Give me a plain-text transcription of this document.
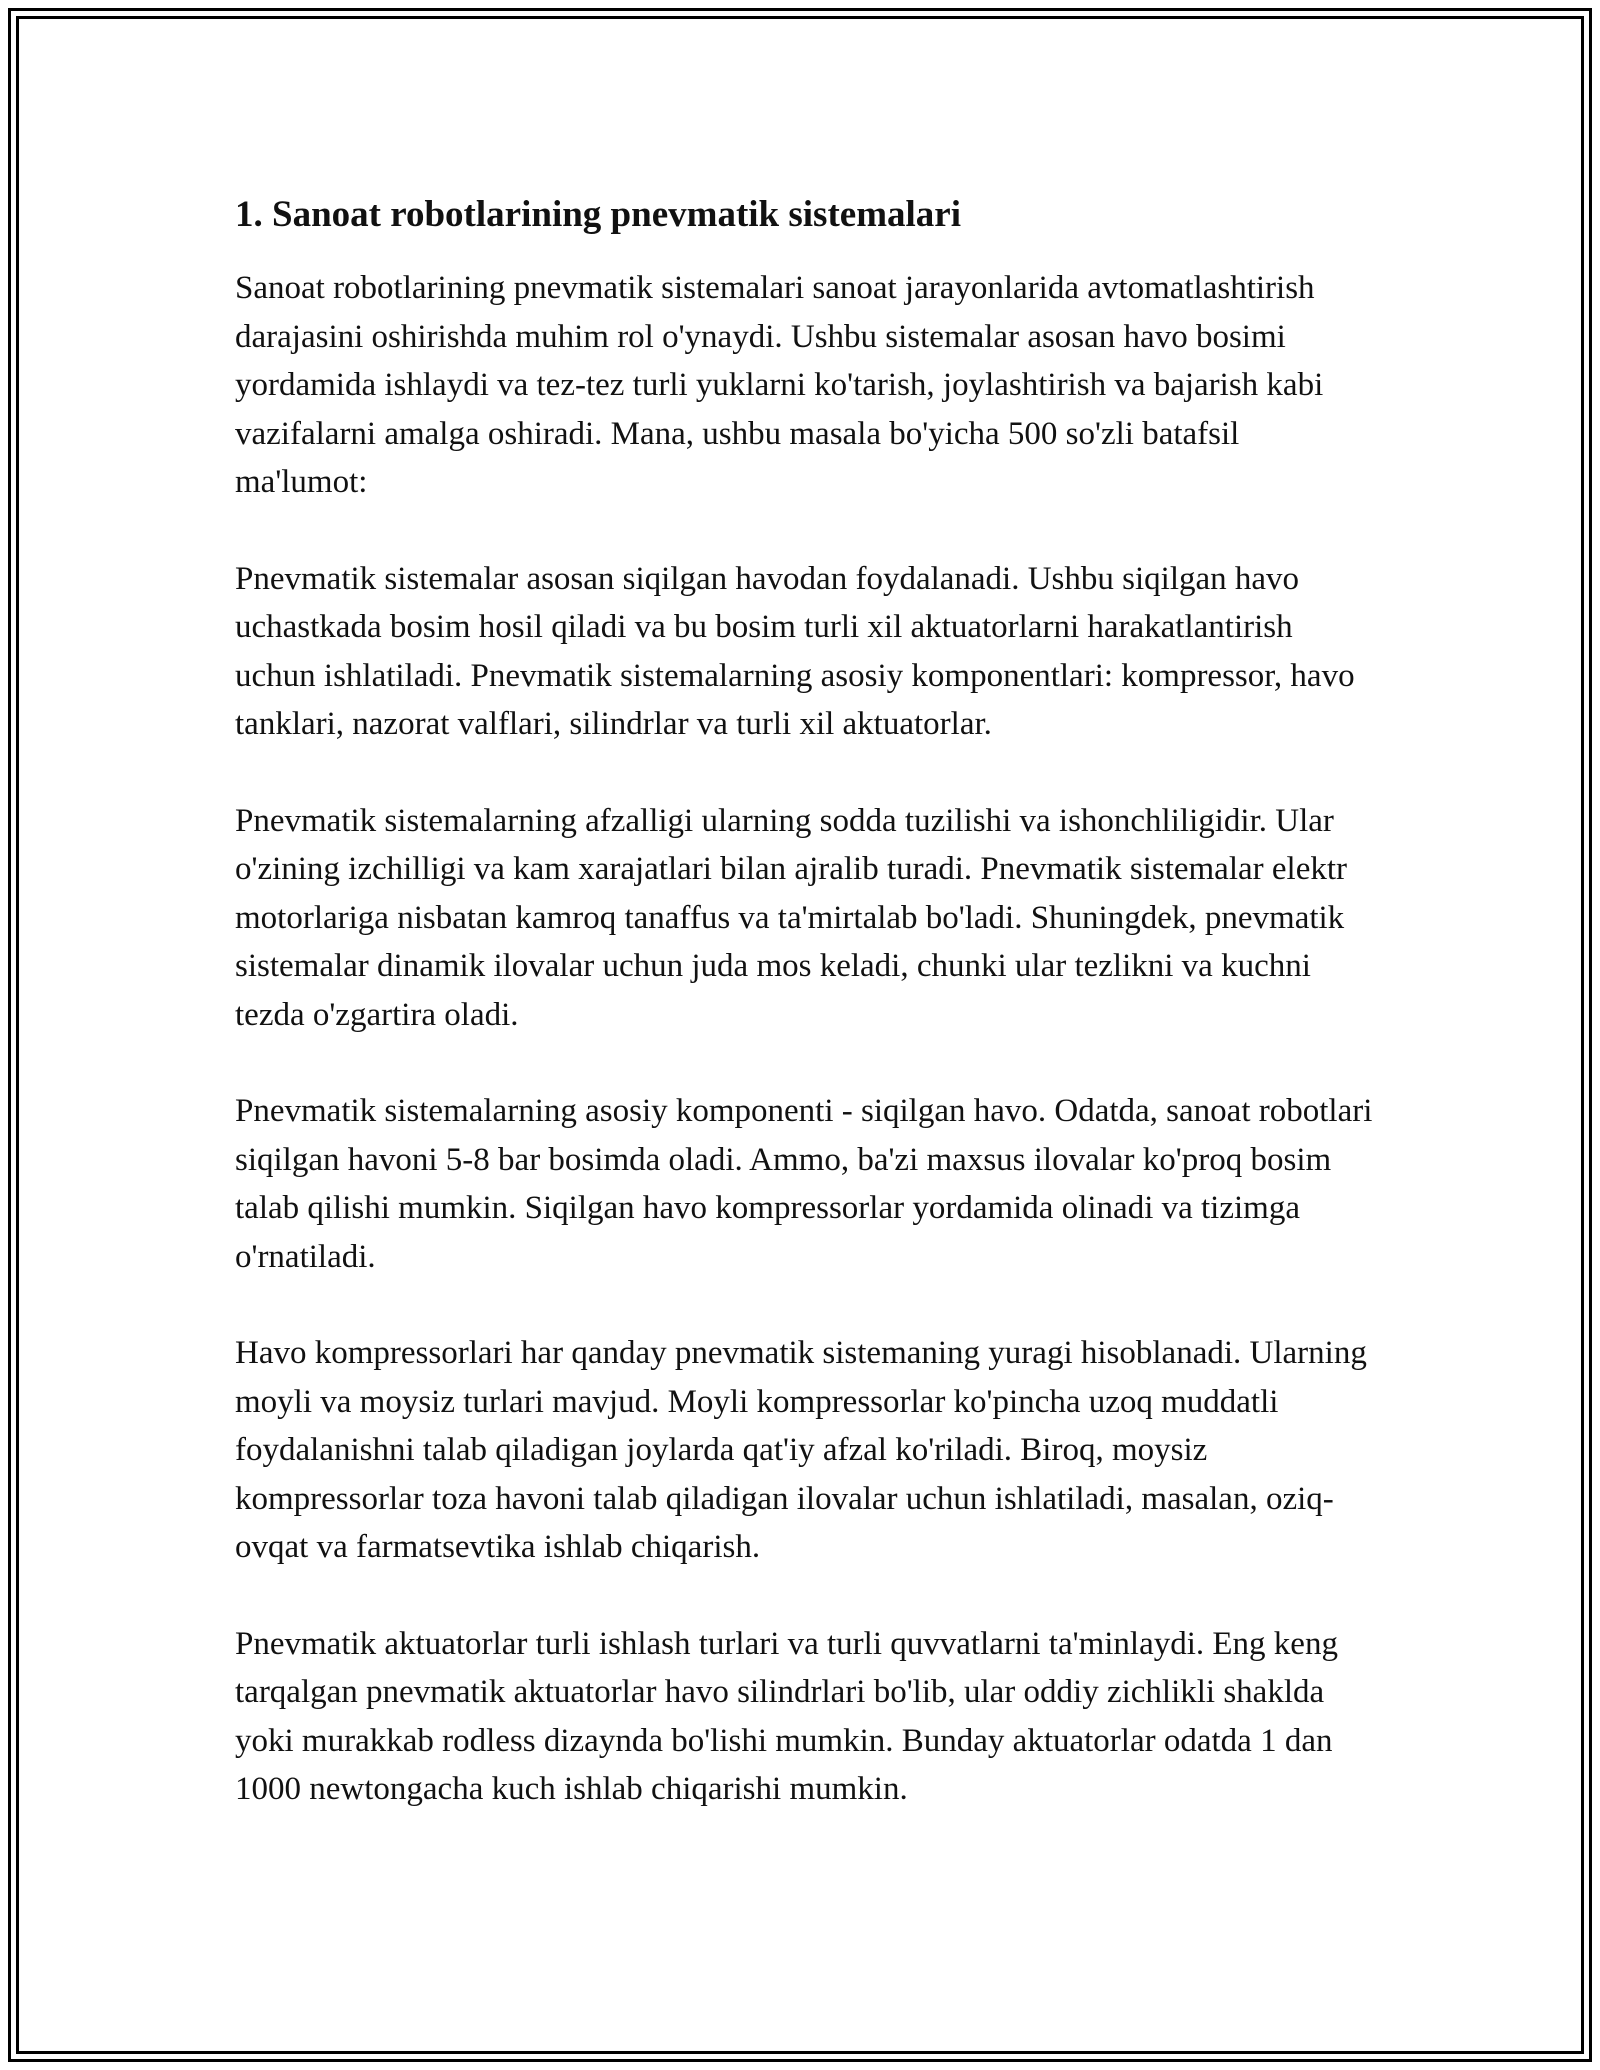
1. Sanoat robotlarining pnevmatik sistemalari

Sanoat robotlarining pnevmatik sistemalari sanoat jarayonlarida avtomatlashtirish darajasini oshirishda muhim rol o'ynaydi. Ushbu sistemalar asosan havo bosimi yordamida ishlaydi va tez-tez turli yuklarni ko'tarish, joylashtirish va bajarish kabi vazifalarni amalga oshiradi. Mana, ushbu masala bo'yicha 500 so'zli batafsil ma'lumot:

Pnevmatik sistemalar asosan siqilgan havodan foydalanadi. Ushbu siqilgan havo uchastkada bosim hosil qiladi va bu bosim turli xil aktuatorlarni harakatlantirish uchun ishlatiladi. Pnevmatik sistemalarning asosiy komponentlari: kompressor, havo tanklari, nazorat valflari, silindrlar va turli xil aktuatorlar.

Pnevmatik sistemalarning afzalligi ularning sodda tuzilishi va ishonchliligidir. Ular o'zining izchilligi va kam xarajatlari bilan ajralib turadi. Pnevmatik sistemalar elektr motorlariga nisbatan kamroq tanaffus va ta'mirtalab bo'ladi. Shuningdek, pnevmatik sistemalar dinamik ilovalar uchun juda mos keladi, chunki ular tezlikni va kuchni tezda o'zgartira oladi.

Pnevmatik sistemalarning asosiy komponenti - siqilgan havo. Odatda, sanoat robotlari siqilgan havoni 5-8 bar bosimda oladi. Ammo, ba'zi maxsus ilovalar ko'proq bosim talab qilishi mumkin. Siqilgan havo kompressorlar yordamida olinadi va tizimga o'rnatiladi.

Havo kompressorlari har qanday pnevmatik sistemaning yuragi hisoblanadi. Ularning moyli va moysiz turlari mavjud. Moyli kompressorlar ko'pincha uzoq muddatli foydalanishni talab qiladigan joylarda qat'iy afzal ko'riladi. Biroq, moysiz kompressorlar toza havoni talab qiladigan ilovalar uchun ishlatiladi, masalan, oziq-ovqat va farmatsevtika ishlab chiqarish.

Pnevmatik aktuatorlar turli ishlash turlari va turli quvvatlarni ta'minlaydi. Eng keng tarqalgan pnevmatik aktuatorlar havo silindrlari bo'lib, ular oddiy zichlikli shaklda yoki murakkab rodless dizaynda bo'lishi mumkin. Bunday aktuatorlar odatda 1 dan 1000 newtongacha kuch ishlab chiqarishi mumkin.
